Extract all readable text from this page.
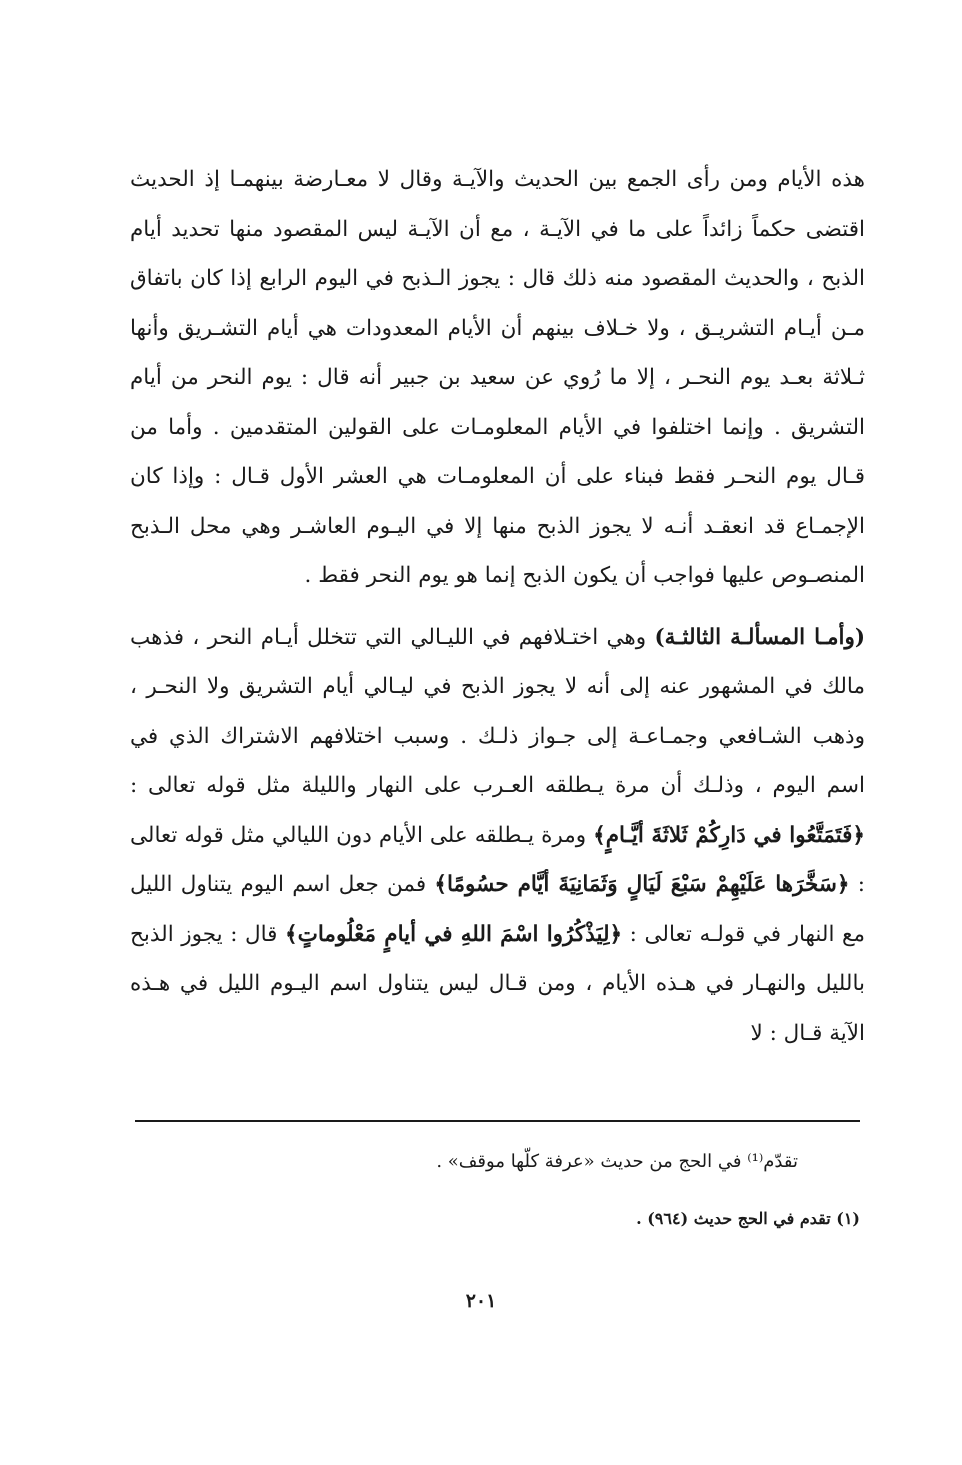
هذه الأيام ومن رأى الجمع بين الحديث والآيـة وقال لا معـارضة بينهمـا إذ الحديث اقتضى حكماً زائداً على ما في الآيـة ، مع أن الآيـة ليس المقصود منها تحديد أيام الذبح ، والحديث المقصود منه ذلك قال : يجوز الـذبح في اليوم الرابع إذا كان باتفاق مـن أيـام التشريـق ، ولا خـلاف بينهم أن الأيام المعدودات هي أيام التشـريق وأنها ثـلاثة بعـد يوم النحـر ، إلا ما رُوي عن سعيد بن جبير أنه قال : يوم النحر من أيام التشريق . وإنما اختلفوا في الأيام المعلومـات على القولين المتقدمين . وأما من قـال يوم النحـر فقط فبناء على أن المعلومـات هي العشر الأول قـال : وإذا كان الإجمـاع قد انعقـد أنـه لا يجوز الذبح منها إلا في اليـوم العاشـر وهي محل الـذبح المنصـوص عليها فواجب أن يكون الذبح إنما هو يوم النحر فقط .

(وأمـا المسألـة الثالثـة) وهي اختـلافهم في الليـالي التي تتخلل أيـام النحر ، فذهب مالك في المشهور عنه إلى أنه لا يجوز الذبح في ليـالي أيام التشريق ولا النحـر ، وذهب الشـافعي وجمـاعـة إلى جـواز ذلـك . وسبب اختلافهم الاشتراك الذي في اسم اليوم ، وذلـك أن مرة يـطلقه العـرب على النهار والليلة مثل قوله تعالى : ﴿فَتَمَتَّعُوا في دَارِكُمْ ثَلاثَةَ أيَّـامٍ﴾ ومرة يـطلقه على الأيام دون الليالي مثل قوله تعالى : ﴿سَخَّرَها عَلَيْهِمْ سَبْعَ لَيَالٍ وَثَمَانِيَةَ أيَّام حسُومًا﴾ فمن جعل اسم اليوم يتناول الليل مع النهار في قولـه تعالى : ﴿لِيَذْكُرُوا اسْمَ اللهِ في أيامٍ مَعْلُوماتٍ﴾ قال : يجوز الذبح بالليل والنهـار في هـذه الأيام ، ومن قـال ليس يتناول اسم اليـوم الليل في هـذه الآية قـال : لا

تقدّم⁽¹⁾ في الحج من حديث «عرفة كلّها موقف» .
(١) تقدم في الحج حديث (٩٦٤) .
٢٠١
